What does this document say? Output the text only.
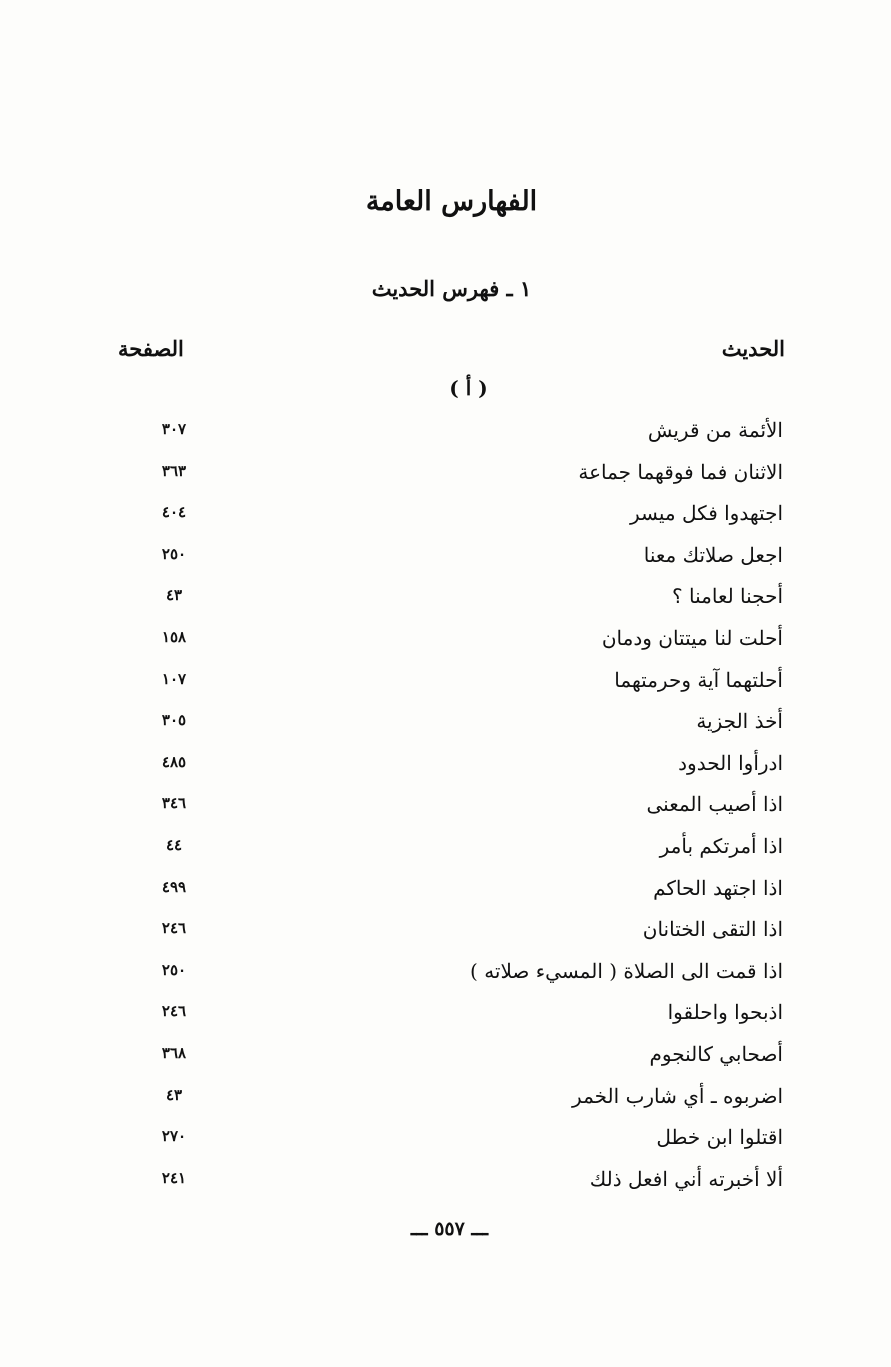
الفهارس العامة
١ ـ فهرس الحديث
الحديث
الصفحة
( أ )
الأئمة من قريش
٣٠٧
الاثنان فما فوقهما جماعة
٣٦٣
اجتهدوا فكل ميسر
٤٠٤
اجعل صلاتك معنا
٢٥٠
أحجنا لعامنا ؟
٤٣
أحلت لنا ميتتان ودمان
١٥٨
أحلتهما آية وحرمتهما
١٠٧
أخذ الجزية
٣٠٥
ادرأوا الحدود
٤٨٥
اذا أصيب المعنى
٣٤٦
اذا أمرتكم بأمر
٤٤
اذا اجتهد الحاكم
٤٩٩
اذا التقى الختانان
٢٤٦
اذا قمت الى الصلاة ( المسيء صلاته )
٢٥٠
اذبحوا واحلقوا
٢٤٦
أصحابي كالنجوم
٣٦٨
اضربوه ـ أي شارب الخمر
٤٣
اقتلوا ابن خطل
٢٧٠
ألا أخبرته أني افعل ذلك
٢٤١
ـــ ٥٥٧ ـــ
